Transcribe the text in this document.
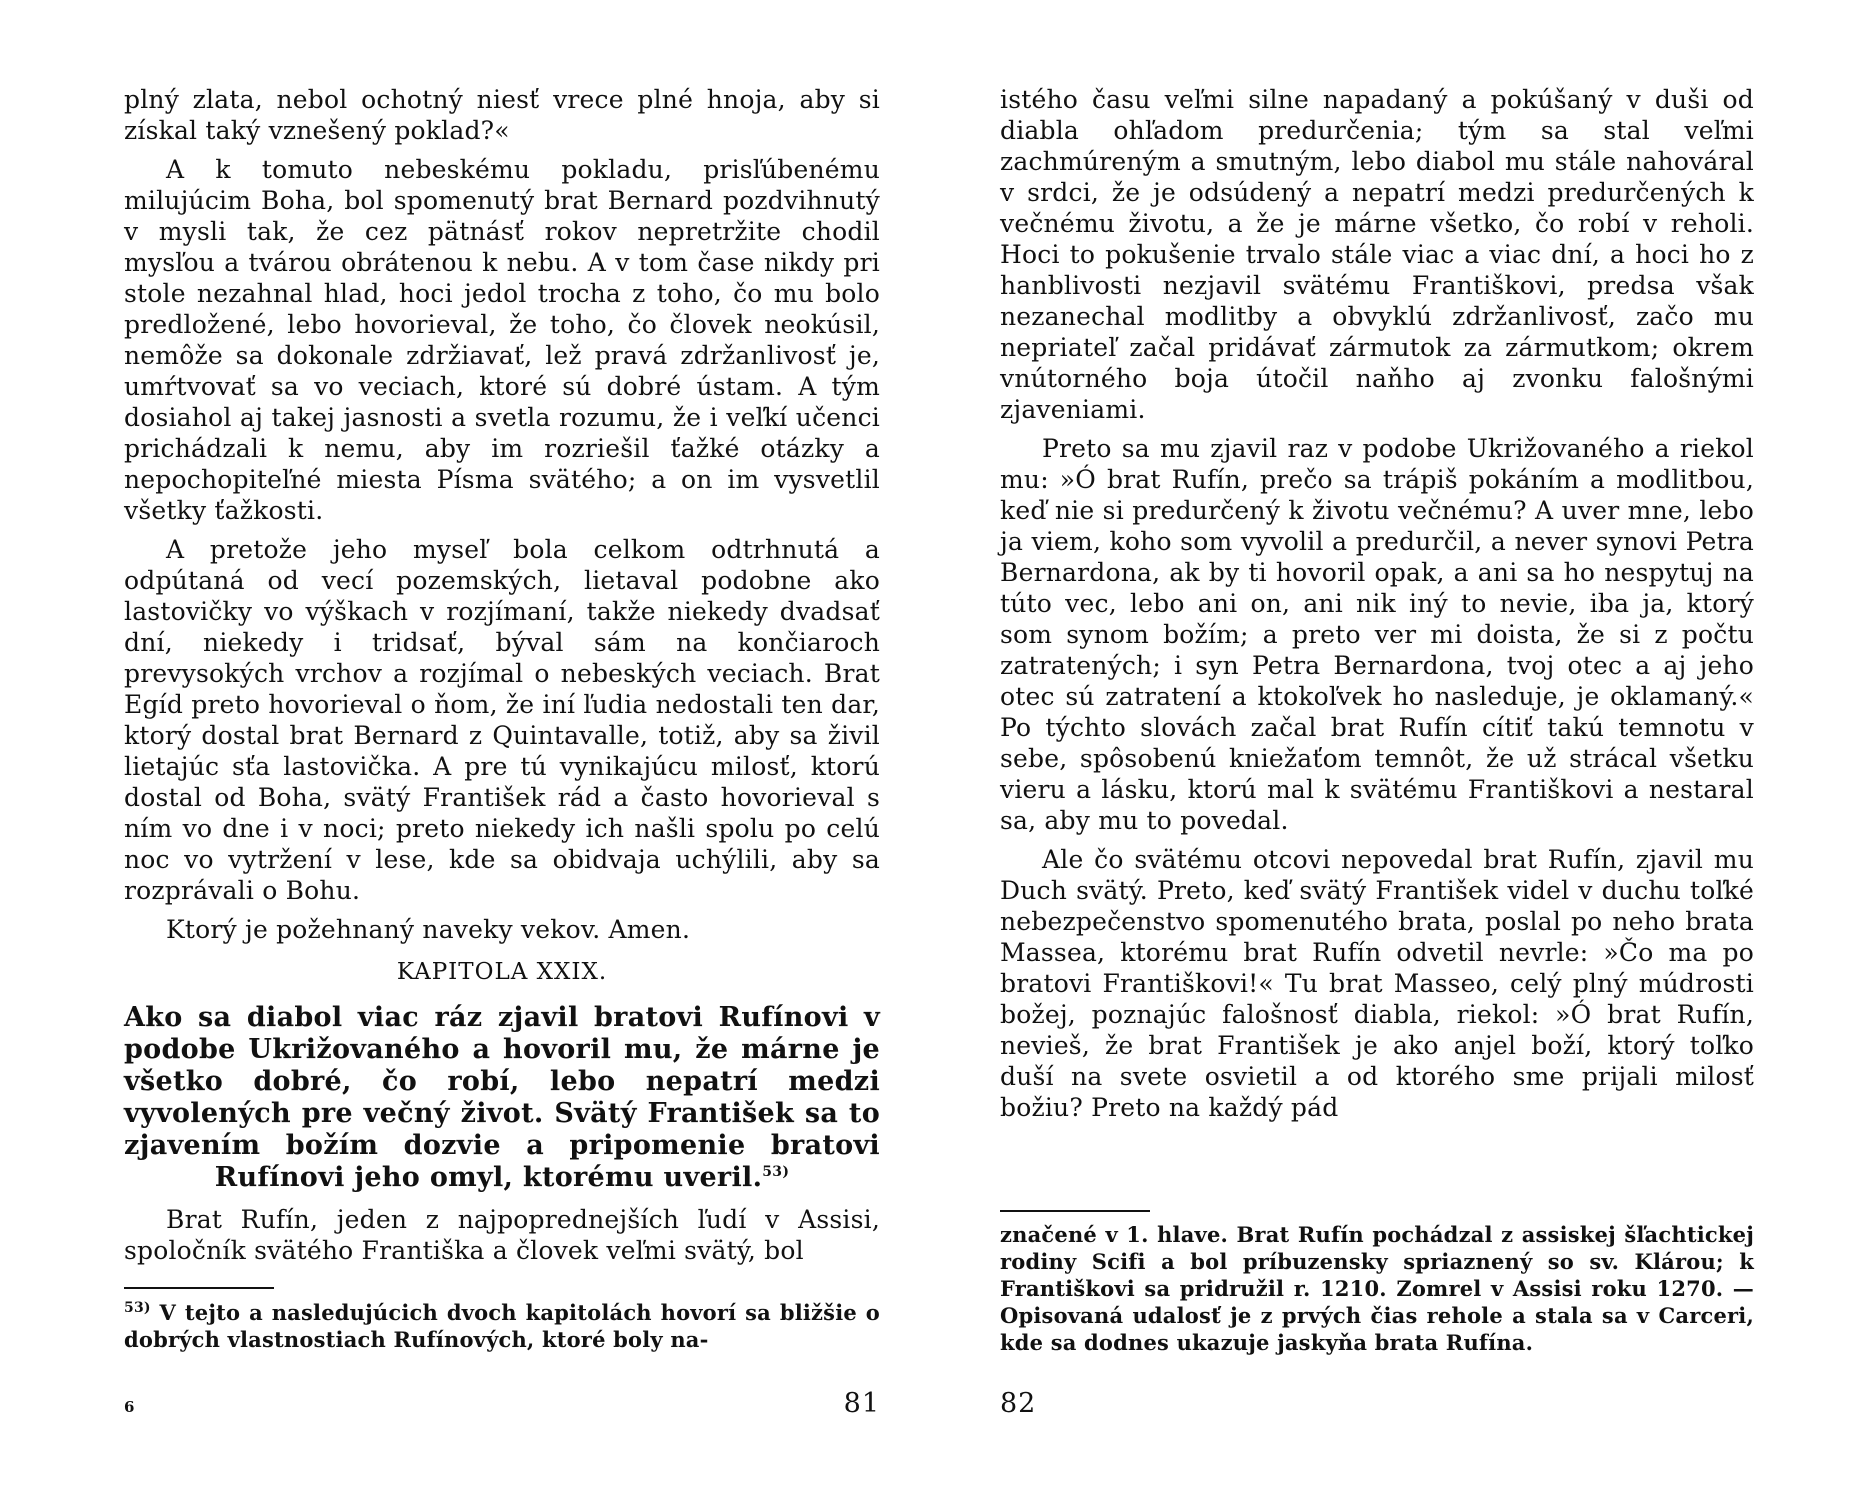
plný zlata, nebol ochotný niesť vrece plné hnoja, aby si získal taký vznešený poklad?«

A k tomuto nebeskému pokladu, prisľúbenému milujúcim Boha, bol spomenutý brat Bernard pozdvihnutý v mysli tak, že cez pätnásť rokov nepretržite chodil mysľou a tvárou obrátenou k nebu. A v tom čase nikdy pri stole nezahnal hlad, hoci jedol trocha z toho, čo mu bolo predložené, lebo hovorieval, že toho, čo človek neokúsil, nemôže sa dokonale zdržiavať, lež pravá zdržanlivosť je, umŕtvovať sa vo veciach, ktoré sú dobré ústam. A tým dosiahol aj takej jasnosti a svetla rozumu, že i veľkí učenci prichádzali k nemu, aby im rozriešil ťažké otázky a nepochopiteľné miesta Písma svätého; a on im vysvetlil všetky ťažkosti.

A pretože jeho myseľ bola celkom odtrhnutá a odpútaná od vecí pozemských, lietaval podobne ako lastovičky vo výškach v rozjímaní, takže niekedy dvadsať dní, niekedy i tridsať, býval sám na končiaroch prevysokých vrchov a rozjímal o nebeských veciach. Brat Egíd preto hovorieval o ňom, že iní ľudia nedostali ten dar, ktorý dostal brat Bernard z Quintavalle, totiž, aby sa živil lietajúc sťa lastovička. A pre tú vynikajúcu milosť, ktorú dostal od Boha, svätý František rád a často hovorieval s ním vo dne i v noci; preto niekedy ich našli spolu po celú noc vo vytržení v lese, kde sa obidvaja uchýlili, aby sa rozprávali o Bohu.

Ktorý je požehnaný naveky vekov. Amen.

KAPITOLA XXIX.
Ako sa diabol viac ráz zjavil bratovi Rufínovi v podobe Ukrižovaného a hovoril mu, že márne je všetko dobré, čo robí, lebo nepatrí medzi vyvolených pre večný život. Svätý František sa to zjavením božím dozvie a pripomenie bratovi Rufínovi jeho omyl, ktorému uveril.$^{53)}$

Brat Rufín, jeden z najpoprednejších ľudí v Assisi, spoločník svätého Františka a človek veľmi svätý, bol

$^{53)}$ V tejto a nasledujúcich dvoch kapitolách hovorí sa bližšie o dobrých vlastnostiach Rufínových, ktoré boly na-
6	81

istého času veľmi silne napadaný a pokúšaný v duši od diabla ohľadom predurčenia; tým sa stal veľmi zachmúreným a smutným, lebo diabol mu stále nahováral v srdci, že je odsúdený a nepatrí medzi predurčených k večnému životu, a že je márne všetko, čo robí v reholi. Hoci to pokušenie trvalo stále viac a viac dní, a hoci ho z hanblivosti nezjavil svätému Františkovi, predsa však nezanechal modlitby a obvyklú zdržanlivosť, začo mu nepriateľ začal pridávať zármutok za zármutkom; okrem vnútorného boja útočil naňho aj zvonku falošnými zjaveniami.

Preto sa mu zjavil raz v podobe Ukrižovaného a riekol mu: »Ó brat Rufín, prečo sa trápiš pokáním a modlitbou, keď nie si predurčený k životu večnému? A uver mne, lebo ja viem, koho som vyvolil a predurčil, a never synovi Petra Bernardona, ak by ti hovoril opak, a ani sa ho nespytuj na túto vec, lebo ani on, ani nik iný to nevie, iba ja, ktorý som synom božím; a preto ver mi doista, že si z počtu zatratených; i syn Petra Bernardona, tvoj otec a aj jeho otec sú zatratení a ktokoľvek ho nasleduje, je oklamaný.« Po týchto slovách začal brat Rufín cítiť takú temnotu v sebe, spôsobenú kniežaťom temnôt, že už strácal všetku vieru a lásku, ktorú mal k svätému Františkovi a nestaral sa, aby mu to povedal.

Ale čo svätému otcovi nepovedal brat Rufín, zjavil mu Duch svätý. Preto, keď svätý František videl v duchu toľké nebezpečenstvo spomenutého brata, poslal po neho brata Massea, ktorému brat Rufín odvetil nevrle: »Čo ma po bratovi Františkovi!« Tu brat Masseo, celý plný múdrosti božej, poznajúc falošnosť diabla, riekol: »Ó brat Rufín, nevieš, že brat František je ako anjel boží, ktorý toľko duší na svete osvietil a od ktorého sme prijali milosť božiu? Preto na každý pád

značené v 1. hlave. Brat Rufín pochádzal z assiskej šľachtickej rodiny Scifi a bol príbuzensky spriaznený so sv. Klárou; k Františkovi sa pridružil r. 1210. Zomrel v Assisi roku 1270. — Opisovaná udalosť je z prvých čias rehole a stala sa v Carceri, kde sa dodnes ukazuje jaskyňa brata Rufína.
82
